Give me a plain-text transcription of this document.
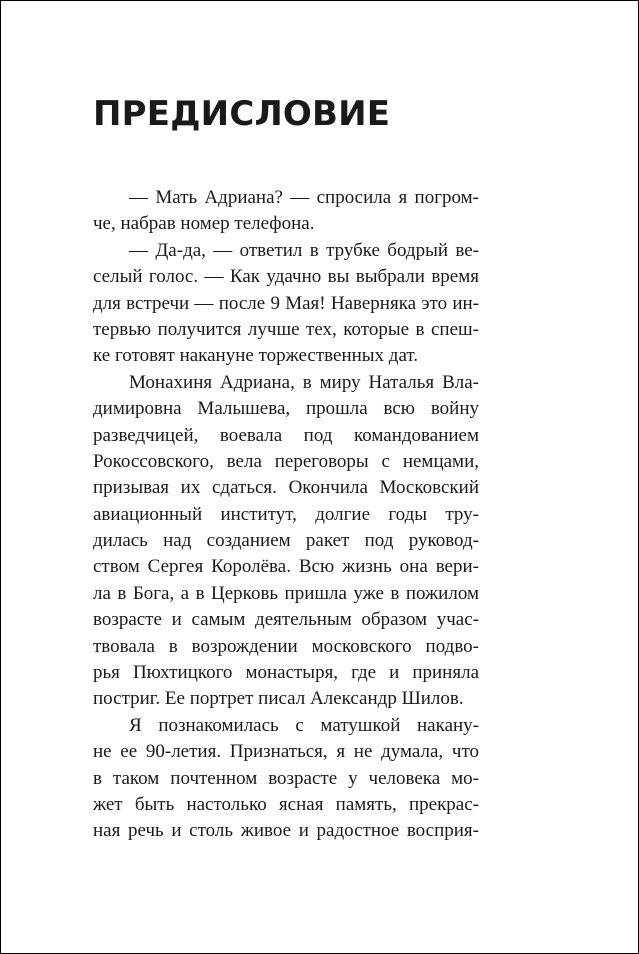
ПРЕДИСЛОВИЕ
— Мать Адриана? — спросила я погром-
че, набрав номер телефона.
— Да-да, — ответил в трубке бодрый ве-
селый голос. — Как удачно вы выбрали время
для встречи — после 9 Мая! Наверняка это ин-
тервью получится лучше тех, которые в спеш-
ке готовят накануне торжественных дат.
Монахиня Адриана, в миру Наталья Вла-
димировна Малышева, прошла всю войну
разведчицей, воевала под командованием
Рокоссовского, вела переговоры с немцами,
призывая их сдаться. Окончила Московский
авиационный институт, долгие годы тру-
дилась над созданием ракет под руковод-
ством Сергея Королёва. Всю жизнь она вери-
ла в Бога, а в Церковь пришла уже в пожилом
возрасте и самым деятельным образом учас-
твовала в возрождении московского подво-
рья Пюхтицкого монастыря, где и приняла
постриг. Ее портрет писал Александр Шилов.
Я познакомилась с матушкой накану-
не ее 90-летия. Признаться, я не думала, что
в таком почтенном возрасте у человека мо-
жет быть настолько ясная память, прекрас-
ная речь и столь живое и радостное восприя-
